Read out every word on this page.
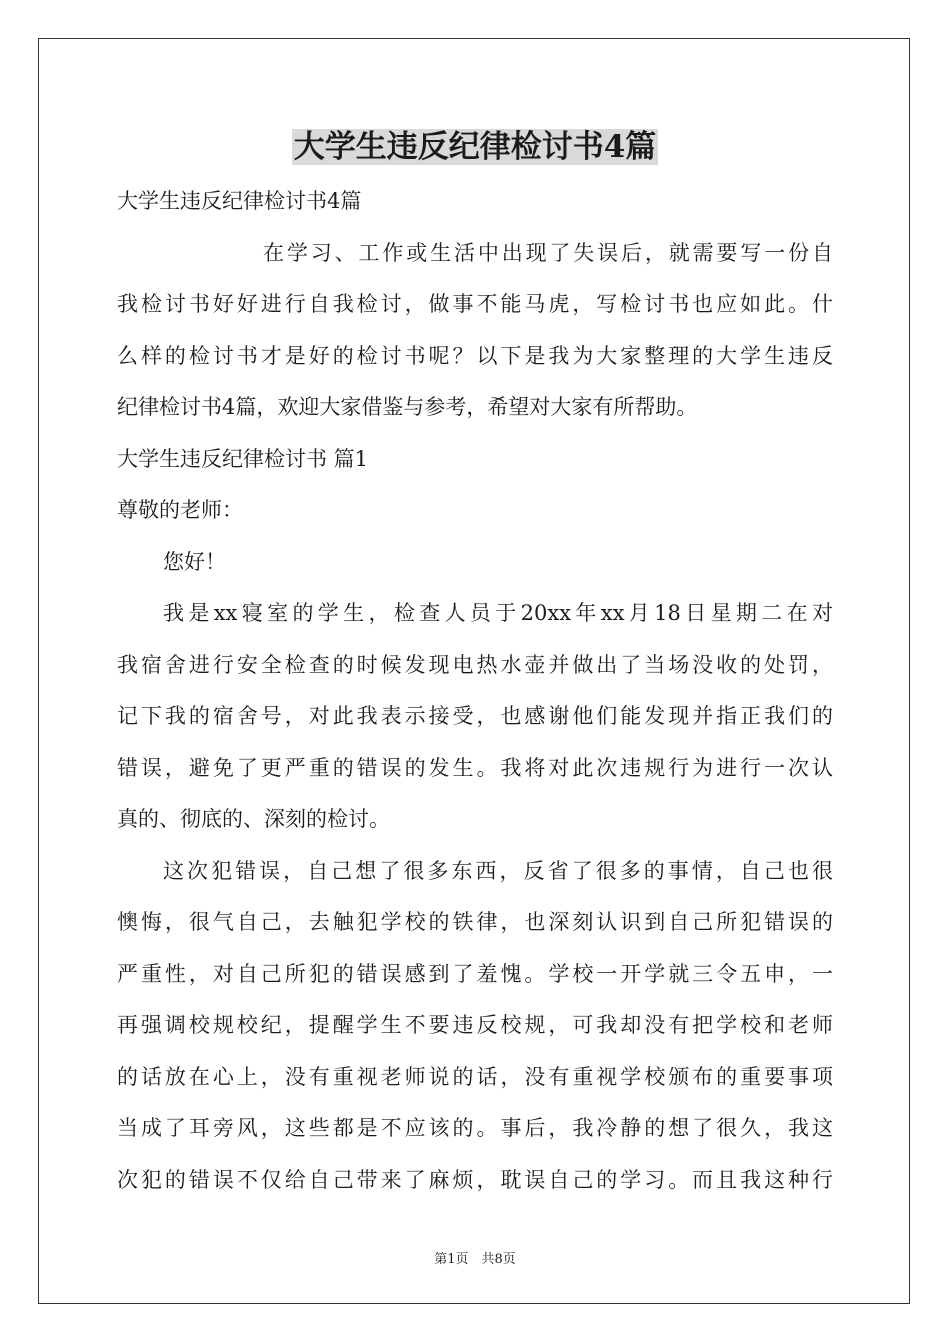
大学生违反纪律检讨书4篇
大学生违反纪律检讨书4篇
在学习、工作或生活中出现了失误后，就需要写一份自
我检讨书好好进行自我检讨，做事不能马虎，写检讨书也应如此。什
么样的检讨书才是好的检讨书呢？以下是我为大家整理的大学生违反
纪律检讨书4篇，欢迎大家借鉴与参考，希望对大家有所帮助。
大学生违反纪律检讨书 篇1
尊敬的老师：
您好！
我是xx寝室的学生，检查人员于20xx年xx月18日星期二在对
我宿舍进行安全检查的时候发现电热水壶并做出了当场没收的处罚，
记下我的宿舍号，对此我表示接受，也感谢他们能发现并指正我们的
错误，避免了更严重的错误的发生。我将对此次违规行为进行一次认
真的、彻底的、深刻的检讨。
这次犯错误，自己想了很多东西，反省了很多的事情，自己也很
懊悔，很气自己，去触犯学校的铁律，也深刻认识到自己所犯错误的
严重性，对自己所犯的错误感到了羞愧。学校一开学就三令五申，一
再强调校规校纪，提醒学生不要违反校规，可我却没有把学校和老师
的话放在心上，没有重视老师说的话，没有重视学校颁布的重要事项
当成了耳旁风，这些都是不应该的。事后，我冷静的想了很久，我这
次犯的错误不仅给自己带来了麻烦，耽误自己的学习。而且我这种行
第1页　共8页
